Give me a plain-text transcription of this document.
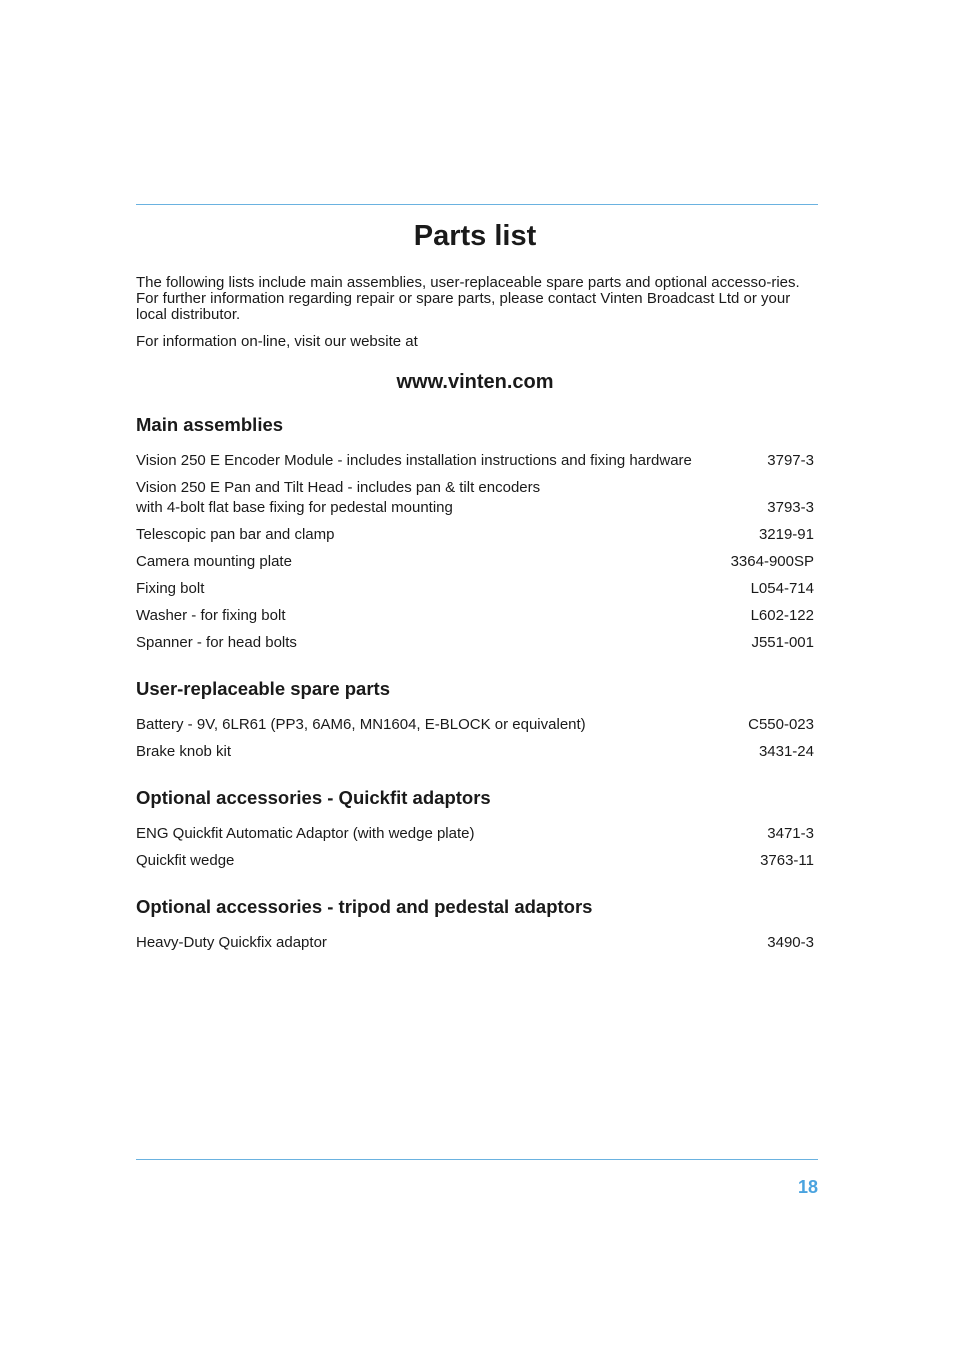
Parts list

The following lists include main assemblies, user-replaceable spare parts and optional accesso-ries. For further information regarding repair or spare parts, please contact Vinten Broadcast Ltd or your local distributor.

For information on-line, visit our website at

www.vinten.com
Main assemblies
Vision 250 E Encoder Module - includes installation instructions and fixing hardware	3797-3
Vision 250 E Pan and Tilt Head - includes pan & tilt encoders
with 4-bolt flat base fixing for pedestal mounting	3793-3
Telescopic pan bar and clamp	3219-91
Camera mounting plate	3364-900SP
Fixing bolt	L054-714
Washer - for fixing bolt	L602-122
Spanner - for head bolts	J551-001
User-replaceable spare parts
Battery - 9V, 6LR61 (PP3, 6AM6, MN1604, E-BLOCK or equivalent)	C550-023
Brake knob kit	3431-24
Optional accessories - Quickfit adaptors
ENG Quickfit Automatic Adaptor (with wedge plate)	3471-3
Quickfit wedge	3763-11
Optional accessories - tripod and pedestal adaptors
Heavy-Duty Quickfix adaptor	3490-3
18
